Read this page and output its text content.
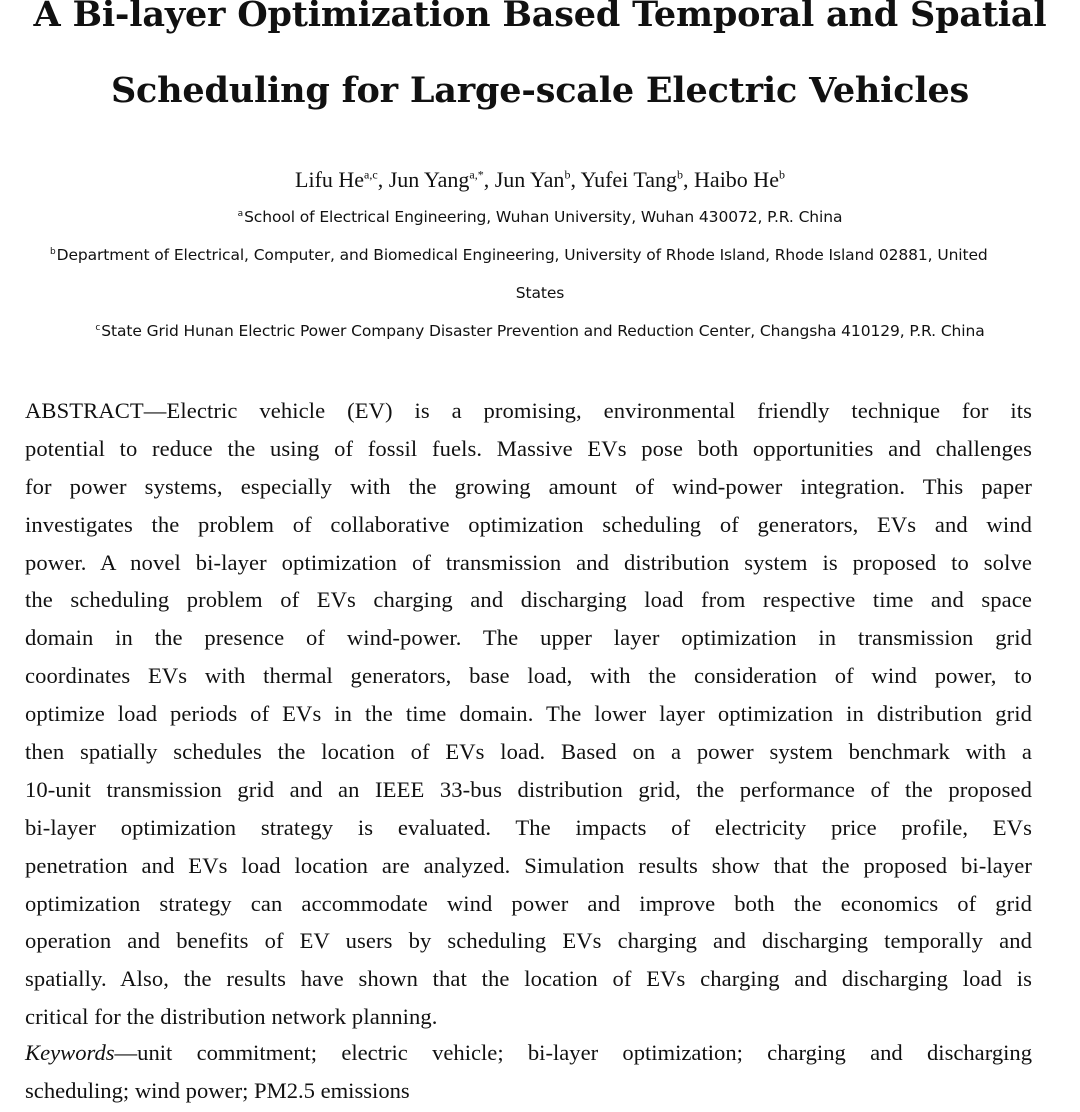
A Bi-layer Optimization Based Temporal and Spatial
Scheduling for Large-scale Electric Vehicles
Lifu He$^{a,c}$, Jun Yang$^{a,*}$, Jun Yan$^b$, Yufei Tang$^b$, Haibo He$^b$
$^a$School of Electrical Engineering, Wuhan University, Wuhan 430072, P.R. China
$^b$Department of Electrical, Computer, and Biomedical Engineering, University of Rhode Island, Rhode Island 02881, United
States
$^c$State Grid Hunan Electric Power Company Disaster Prevention and Reduction Center, Changsha 410129, P.R. China
ABSTRACT—Electric vehicle (EV) is a promising, environmental friendly technique for its
potential to reduce the using of fossil fuels. Massive EVs pose both opportunities and challenges
for power systems, especially with the growing amount of wind-power integration. This paper
investigates the problem of collaborative optimization scheduling of generators, EVs and wind
power. A novel bi-layer optimization of transmission and distribution system is proposed to solve
the scheduling problem of EVs charging and discharging load from respective time and space
domain in the presence of wind-power. The upper layer optimization in transmission grid
coordinates EVs with thermal generators, base load, with the consideration of wind power, to
optimize load periods of EVs in the time domain. The lower layer optimization in distribution grid
then spatially schedules the location of EVs load. Based on a power system benchmark with a
10-unit transmission grid and an IEEE 33-bus distribution grid, the performance of the proposed
bi-layer optimization strategy is evaluated. The impacts of electricity price profile, EVs
penetration and EVs load location are analyzed. Simulation results show that the proposed bi-layer
optimization strategy can accommodate wind power and improve both the economics of grid
operation and benefits of EV users by scheduling EVs charging and discharging temporally and
spatially. Also, the results have shown that the location of EVs charging and discharging load is
critical for the distribution network planning.
Keywords—unit commitment; electric vehicle; bi-layer optimization; charging and discharging
scheduling; wind power; PM2.5 emissions
